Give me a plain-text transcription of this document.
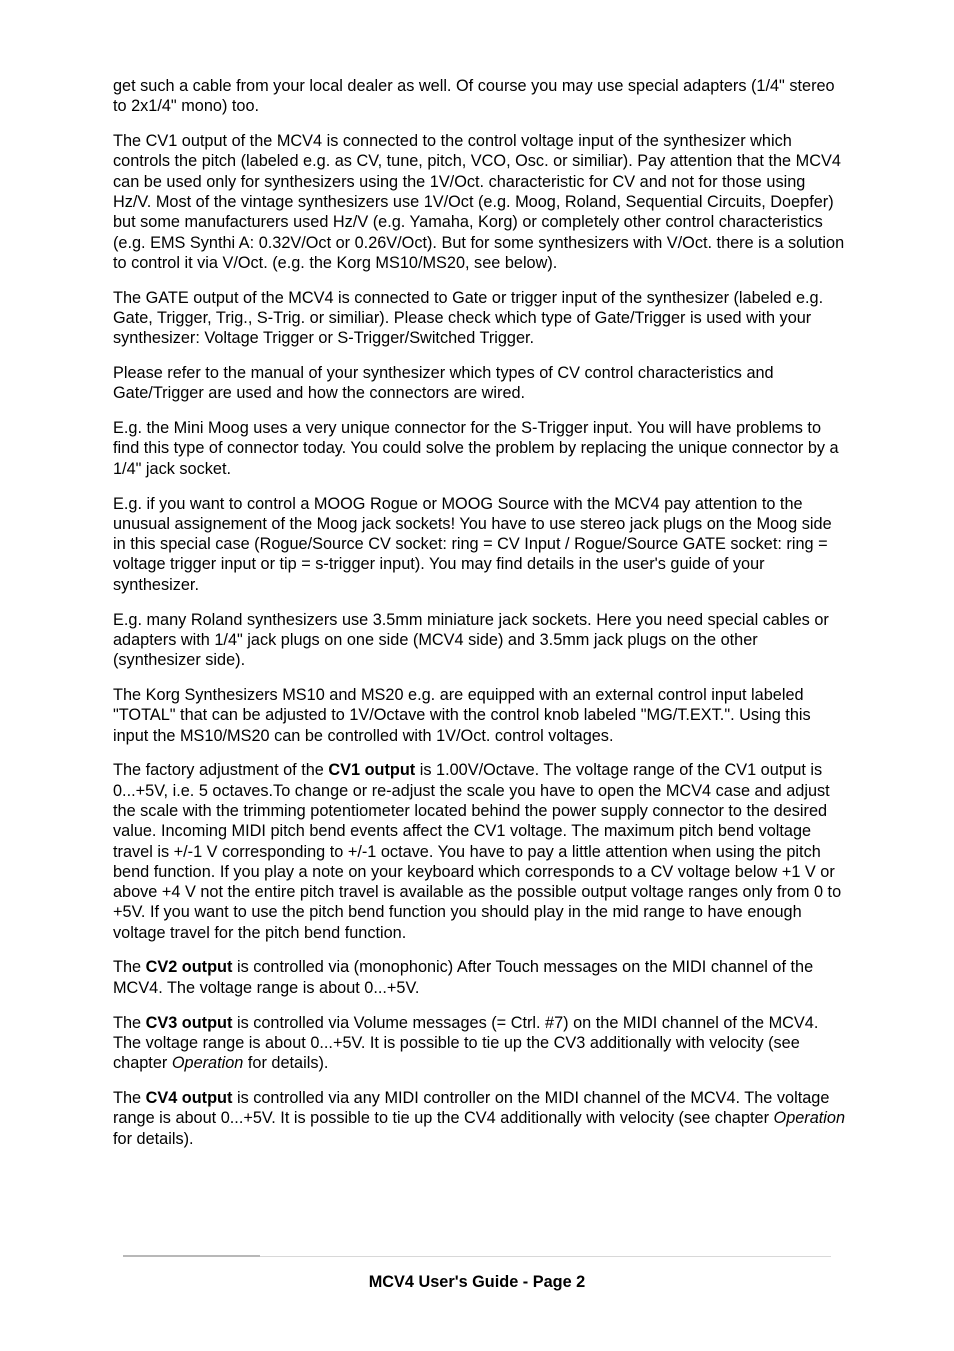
get such a cable from your local dealer as well. Of course you may use special adapters (1/4" stereo to 2x1/4" mono) too.

The CV1 output of the MCV4 is connected to the control voltage input of the synthesizer which controls the pitch (labeled e.g. as CV, tune, pitch, VCO, Osc. or similiar). Pay attention that the MCV4 can be used only for synthesizers using the 1V/Oct. characteristic for CV and not for those using Hz/V. Most of the vintage synthesizers use 1V/Oct (e.g. Moog, Roland, Sequential Circuits, Doepfer) but some manufacturers used Hz/V (e.g. Yamaha, Korg) or completely other control characteristics (e.g. EMS Synthi A: 0.32V/Oct or 0.26V/Oct). But for some synthesizers with V/Oct. there is a solution to control it via V/Oct. (e.g. the Korg MS10/MS20, see below).

The GATE output of the MCV4 is connected to Gate or trigger input of the synthesizer (labeled e.g. Gate, Trigger, Trig., S-Trig. or similiar). Please check which type of Gate/Trigger is used with your synthesizer: Voltage Trigger or S-Trigger/Switched Trigger.

Please refer to the manual of your synthesizer which types of CV control characteristics and Gate/Trigger are used and how the connectors are wired.

E.g. the Mini Moog uses a very unique connector for the S-Trigger input. You will have problems to find this type of connector today. You could solve the problem by replacing the unique connector by a 1/4" jack socket.

E.g. if you want to control a MOOG Rogue or MOOG Source with the MCV4 pay attention to the unusual assignement of the Moog jack sockets! You have to use stereo jack plugs on the Moog side in this special case (Rogue/Source CV socket: ring = CV Input / Rogue/Source GATE socket: ring = voltage trigger input or tip = s-trigger input). You may find details in the user's guide of your synthesizer.

E.g. many Roland synthesizers use 3.5mm miniature jack sockets. Here you need special cables or adapters with 1/4" jack plugs on one side (MCV4 side) and 3.5mm jack plugs on the other (synthesizer side).

The Korg Synthesizers MS10 and MS20 e.g. are equipped with an external control input labeled "TOTAL" that can be adjusted to 1V/Octave with the control knob labeled "MG/T.EXT.". Using this input the MS10/MS20 can be controlled with 1V/Oct. control voltages.

The factory adjustment of the CV1 output is 1.00V/Octave. The voltage range of the CV1 output is 0...+5V, i.e. 5 octaves.To change or re-adjust the scale you have to open the MCV4 case and adjust the scale with the trimming potentiometer located behind the power supply connector to the desired value. Incoming MIDI pitch bend events affect the CV1 voltage. The maximum pitch bend voltage travel is +/-1 V corresponding to +/-1 octave. You have to pay a little attention when using the pitch bend function. If you play a note on your keyboard which corresponds to a CV voltage below +1 V or above +4 V not the entire pitch travel is available as the possible output voltage ranges only from 0 to +5V. If you want to use the pitch bend function you should play in the mid range to have enough voltage travel for the pitch bend function.

The CV2 output is controlled via (monophonic) After Touch messages on the MIDI channel of the MCV4. The voltage range is about 0...+5V.

The CV3 output is controlled via Volume messages (= Ctrl. #7) on the MIDI channel of the MCV4. The voltage range is about 0...+5V. It is possible to tie up the CV3 additionally with velocity (see chapter Operation for details).

The CV4 output is controlled via any MIDI controller on the MIDI channel of the MCV4. The voltage range is about 0...+5V. It is possible to tie up the CV4 additionally with velocity (see chapter Operation for details).

MCV4 User's Guide - Page 2
